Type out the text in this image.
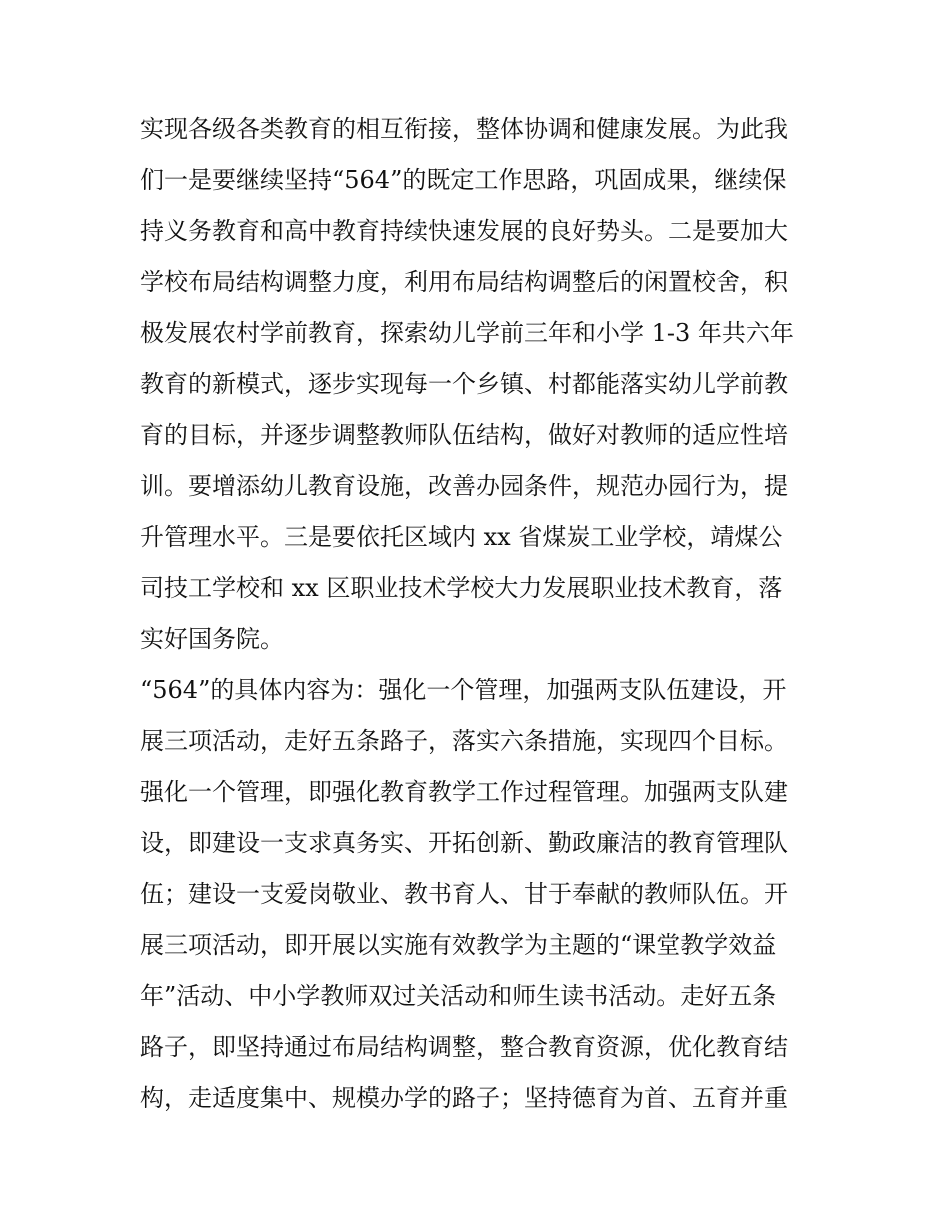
实现各级各类教育的相互衔接，整体协调和健康发展。为此我
们一是要继续坚持“564”的既定工作思路，巩固成果，继续保
持义务教育和高中教育持续快速发展的良好势头。二是要加大
学校布局结构调整力度，利用布局结构调整后的闲置校舍，积
极发展农村学前教育，探索幼儿学前三年和小学 1-3 年共六年
教育的新模式，逐步实现每一个乡镇、村都能落实幼儿学前教
育的目标，并逐步调整教师队伍结构，做好对教师的适应性培
训。要增添幼儿教育设施，改善办园条件，规范办园行为，提
升管理水平。三是要依托区域内 xx 省煤炭工业学校，靖煤公
司技工学校和 xx 区职业技术学校大力发展职业技术教育，落
实好国务院。
“564”的具体内容为：强化一个管理，加强两支队伍建设，开
展三项活动，走好五条路子，落实六条措施，实现四个目标。
强化一个管理，即强化教育教学工作过程管理。加强两支队建
设，即建设一支求真务实、开拓创新、勤政廉洁的教育管理队
伍；建设一支爱岗敬业、教书育人、甘于奉献的教师队伍。开
展三项活动，即开展以实施有效教学为主题的“课堂教学效益
年”活动、中小学教师双过关活动和师生读书活动。走好五条
路子，即坚持通过布局结构调整，整合教育资源，优化教育结
构，走适度集中、规模办学的路子；坚持德育为首、五育并重
